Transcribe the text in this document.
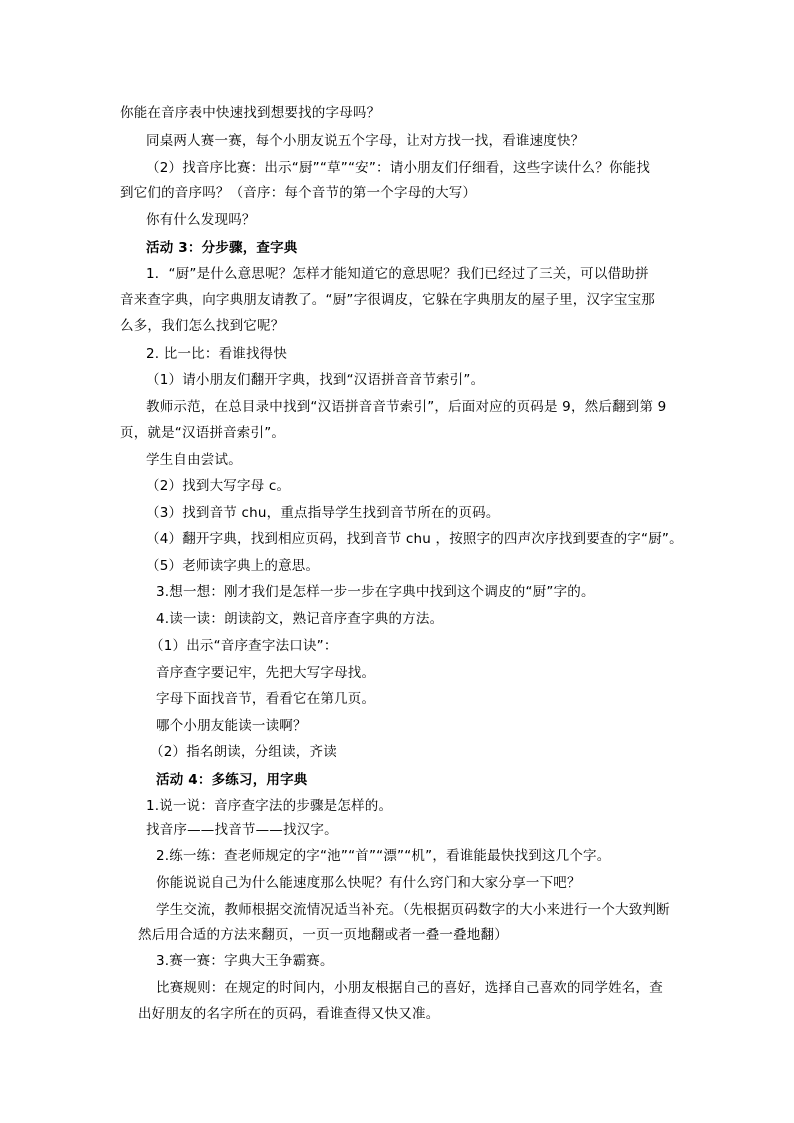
你能在音序表中快速找到想要找的字母吗？
同桌两人赛一赛，每个小朋友说五个字母，让对方找一找，看谁速度快？
（2）找音序比赛：出示“厨”“草”“安”：请小朋友们仔细看，这些字读什么？你能找
到它们的音序吗？（音序：每个音节的第一个字母的大写）
你有什么发现吗？
活动 3：分步骤，查字典
1．“厨”是什么意思呢？怎样才能知道它的意思呢？我们已经过了三关，可以借助拼
音来查字典，向字典朋友请教了。“厨”字很调皮，它躲在字典朋友的屋子里，汉字宝宝那
么多，我们怎么找到它呢？
2. 比一比：看谁找得快
（1）请小朋友们翻开字典，找到“汉语拼音音节索引”。
教师示范，在总目录中找到“汉语拼音音节索引”，后面对应的页码是 9，然后翻到第 9
页，就是“汉语拼音索引”。
学生自由尝试。
（2）找到大写字母 c。
（3）找到音节 chu，重点指导学生找到音节所在的页码。
（4）翻开字典，找到相应页码，找到音节 chu ，按照字的四声次序找到要查的字“厨”。
（5）老师读字典上的意思。
3.想一想：刚才我们是怎样一步一步在字典中找到这个调皮的“厨”字的。
4.读一读：朗读韵文，熟记音序查字典的方法。
（1）出示“音序查字法口诀”：
音序查字要记牢，先把大写字母找。
字母下面找音节，看看它在第几页。
哪个小朋友能读一读啊？
（2）指名朗读，分组读，齐读
活动 4：多练习，用字典
1.说一说：音序查字法的步骤是怎样的。
找音序——找音节——找汉字。
2.练一练：查老师规定的字“池”“首”“漂”“机”，看谁能最快找到这几个字。
你能说说自己为什么能速度那么快呢？有什么窍门和大家分享一下吧？
学生交流，教师根据交流情况适当补充。（先根据页码数字的大小来进行一个大致判断
然后用合适的方法来翻页，一页一页地翻或者一叠一叠地翻）
3.赛一赛：字典大王争霸赛。
比赛规则：在规定的时间内，小朋友根据自己的喜好，选择自己喜欢的同学姓名，查
出好朋友的名字所在的页码，看谁查得又快又准。
